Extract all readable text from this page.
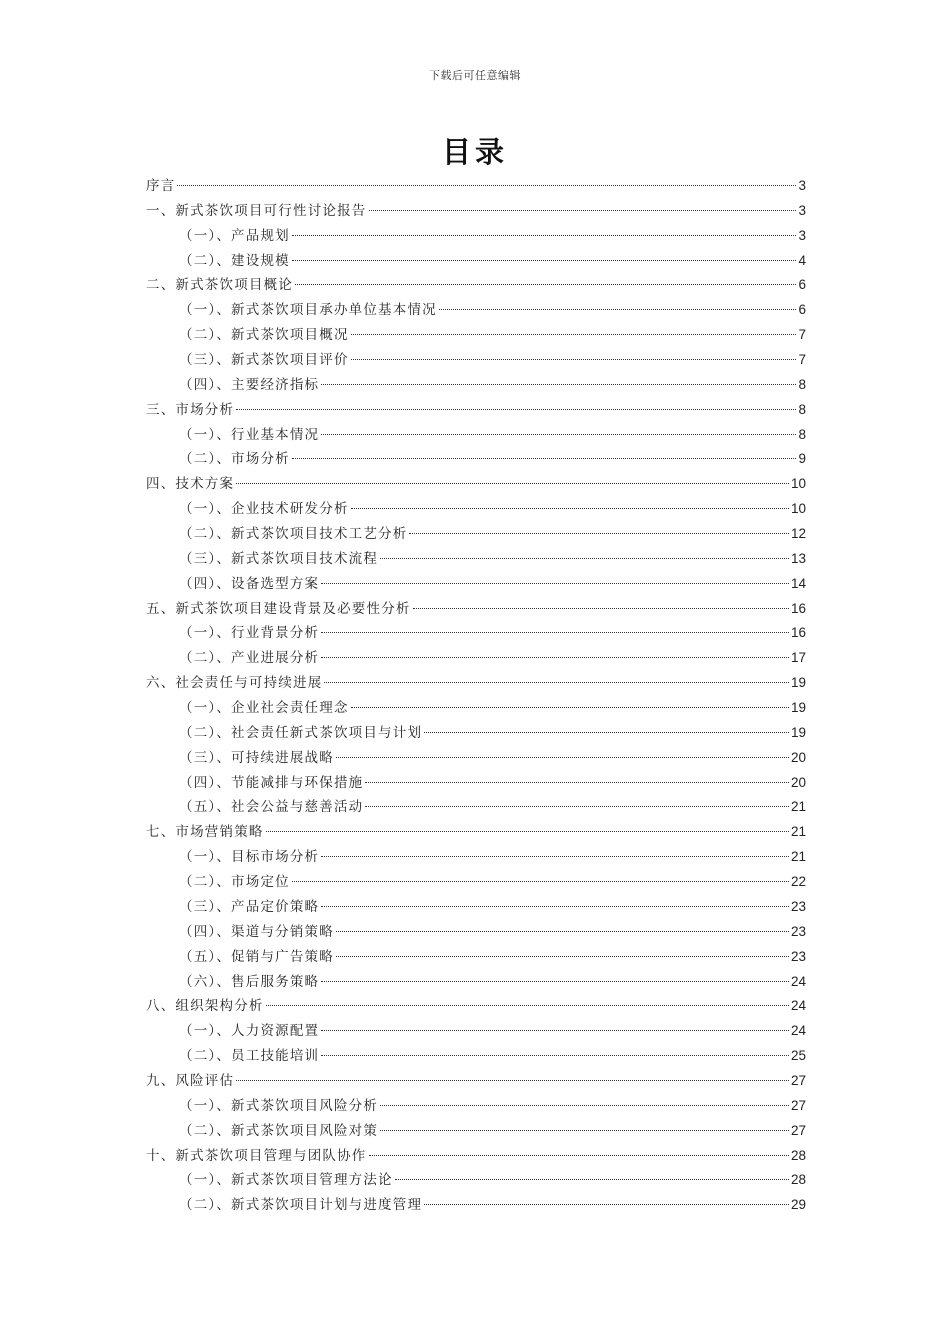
下载后可任意编辑
目录
序言	3
一、新式茶饮项目可行性讨论报告	3
（一）、产品规划	3
（二）、建设规模	4
二、新式茶饮项目概论	6
（一）、新式茶饮项目承办单位基本情况	6
（二）、新式茶饮项目概况	7
（三）、新式茶饮项目评价	7
（四）、主要经济指标	8
三、市场分析	8
（一）、行业基本情况	8
（二）、市场分析	9
四、技术方案	10
（一）、企业技术研发分析	10
（二）、新式茶饮项目技术工艺分析	12
（三）、新式茶饮项目技术流程	13
（四）、设备选型方案	14
五、新式茶饮项目建设背景及必要性分析	16
（一）、行业背景分析	16
（二）、产业进展分析	17
六、社会责任与可持续进展	19
（一）、企业社会责任理念	19
（二）、社会责任新式茶饮项目与计划	19
（三）、可持续进展战略	20
（四）、节能减排与环保措施	20
（五）、社会公益与慈善活动	21
七、市场营销策略	21
（一）、目标市场分析	21
（二）、市场定位	22
（三）、产品定价策略	23
（四）、渠道与分销策略	23
（五）、促销与广告策略	23
（六）、售后服务策略	24
八、组织架构分析	24
（一）、人力资源配置	24
（二）、员工技能培训	25
九、风险评估	27
（一）、新式茶饮项目风险分析	27
（二）、新式茶饮项目风险对策	27
十、新式茶饮项目管理与团队协作	28
（一）、新式茶饮项目管理方法论	28
（二）、新式茶饮项目计划与进度管理	29
